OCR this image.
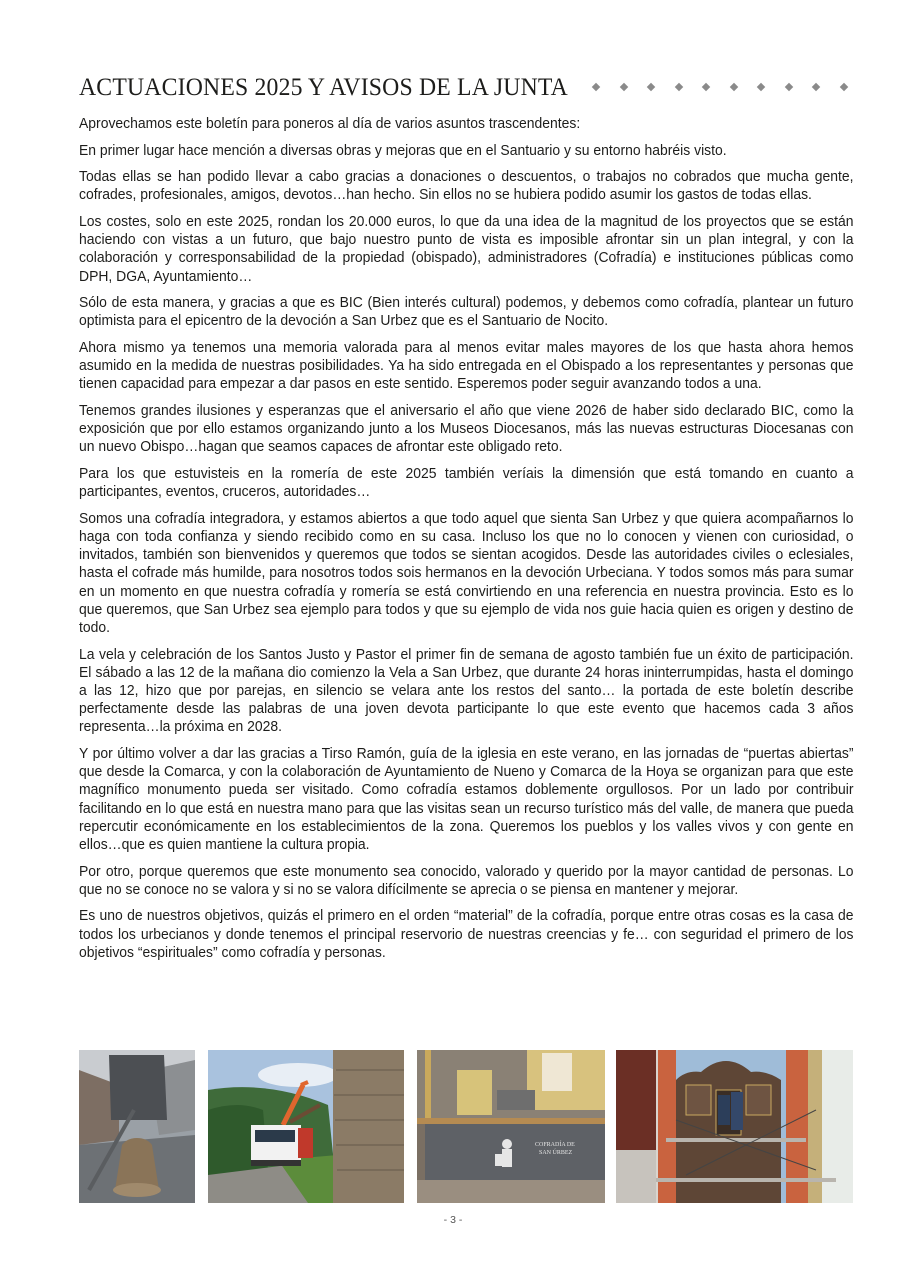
ACTUACIONES 2025 Y AVISOS DE LA JUNTA

Aprovechamos este boletín para poneros al día de varios asuntos trascendentes:

En primer lugar hace mención a diversas obras y mejoras que en el Santuario y su entorno habréis visto.

Todas ellas se han podido llevar a cabo gracias a donaciones o descuentos, o trabajos no cobrados que mucha gente, cofrades, profesionales, amigos, devotos…han hecho. Sin ellos no se hubiera podido asumir los gastos de todas ellas.

Los costes, solo en este 2025, rondan los 20.000 euros, lo que da una idea de la magnitud de los proyectos que se están haciendo con vistas a un futuro, que bajo nuestro punto de vista es imposible afrontar sin un plan integral, y con la colaboración y corresponsabilidad de la propiedad (obispado), administradores (Cofradía) e instituciones públicas como DPH, DGA, Ayuntamiento…

Sólo de esta manera, y gracias a que es BIC (Bien interés cultural) podemos, y debemos como cofradía, plantear un futuro optimista para el epicentro de la devoción a San Urbez que es el Santuario de Nocito.

Ahora mismo ya tenemos una memoria valorada para al menos evitar males mayores de los que hasta ahora hemos asumido en la medida de nuestras posibilidades. Ya ha sido entregada en el Obispado a los representantes y personas que tienen capacidad para empezar a dar pasos en este sentido. Esperemos poder seguir avanzando todos a una.

Tenemos grandes ilusiones y esperanzas que el aniversario el año que viene 2026 de haber sido declarado BIC, como la exposición que por ello estamos organizando junto a los Museos Diocesanos, más las nuevas estructuras Diocesanas con un nuevo Obispo…hagan que seamos capaces de afrontar este obligado reto.

Para los que estuvisteis en la romería de este 2025 también veríais la dimensión que está tomando en cuanto a participantes, eventos, cruceros, autoridades…

Somos una cofradía integradora, y estamos abiertos a que todo aquel que sienta San Urbez y que quiera acompañarnos lo haga con toda confianza y siendo recibido como en su casa. Incluso los que no lo conocen y vienen con curiosidad, o invitados, también son bienvenidos y queremos que todos se sientan acogidos. Desde las autoridades civiles o eclesiales, hasta el cofrade más humilde, para nosotros todos sois hermanos en la devoción Urbeciana. Y todos somos más para sumar en un momento en que nuestra cofradía y romería se está convirtiendo en una referencia en nuestra provincia. Esto es lo que queremos, que San Urbez sea ejemplo para todos y que su ejemplo de vida nos guie hacia quien es origen y destino de todo.

La vela y celebración de los Santos Justo y Pastor el primer fin de semana de agosto también fue un éxito de participación. El sábado a las 12 de la mañana dio comienzo la Vela a San Urbez, que durante 24 horas ininterrumpidas, hasta el domingo a las 12, hizo que por parejas, en silencio se velara ante los restos del santo… la portada de este boletín describe perfectamente desde las palabras de una joven devota participante lo que este evento que hacemos cada 3 años representa…la próxima en 2028.

Y por último volver a dar las gracias a Tirso Ramón, guía de la iglesia en este verano, en las jornadas de “puertas abiertas” que desde la Comarca, y con la colaboración de Ayuntamiento de Nueno y Comarca de la Hoya se organizan para que este magnífico monumento pueda ser visitado. Como cofradía estamos doblemente orgullosos. Por un lado por contribuir facilitando en lo que está en nuestra mano para que las visitas sean un recurso turístico más del valle, de manera que pueda repercutir económicamente en los establecimientos de la zona. Queremos los pueblos y los valles vivos y con gente en ellos…que es quien mantiene la cultura propia.

Por otro, porque queremos que este monumento sea conocido, valorado y querido por la mayor cantidad de personas. Lo que no se conoce no se valora y si no se valora difícilmente se aprecia o se piensa en mantener y mejorar.

Es uno de nuestros objetivos, quizás el primero en el orden “material” de la cofradía, porque entre otras cosas es la casa de todos los urbecianos y donde tenemos el principal reservorio de nuestras creencias y fe… con seguridad el primero de los objetivos “espirituales” como cofradía y personas.

COFRADÍA DE
SAN ÚRBEZ
- 3 -
